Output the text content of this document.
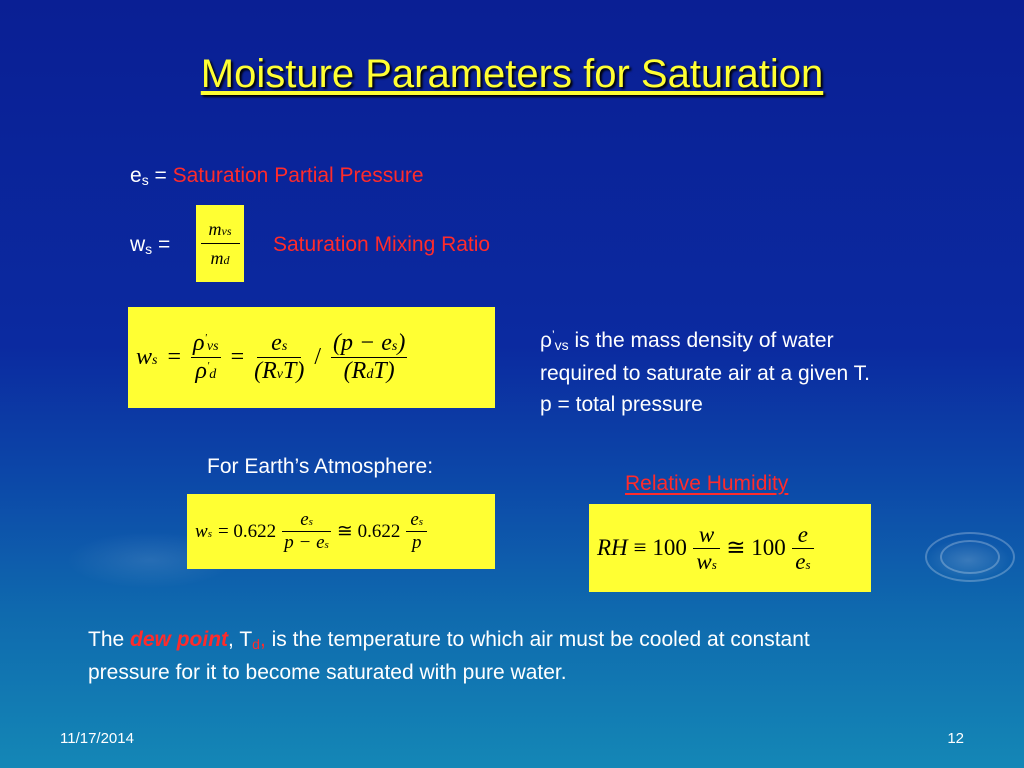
Moisture Parameters for Saturation
es = Saturation Partial Pressure
ws = $\frac{\text{mvs}}{md}$ Saturation Mixing Ratio
ws = $\frac{\rho'vs}{\rho'd} = \frac{es}{\text{(RvT)}} / \frac{(p - es)}{\text{(RdT)}}$	ρ’vs is the mass density of water
required to saturate air at a given T.
p = total pressure
For Earth’s Atmosphere:
ws = $0.622 \frac{es}{p - es}$ ≅ $0.622 \frac{es}{p}$
Relative Humidity
RH ≡ $100 \frac{w}{ws}$ ≅ $100 \frac{e}{es}$
The dew point, Td, is the temperature to which air must be cooled at constant
pressure for it to become saturated with pure water.
11/17/2014	12
